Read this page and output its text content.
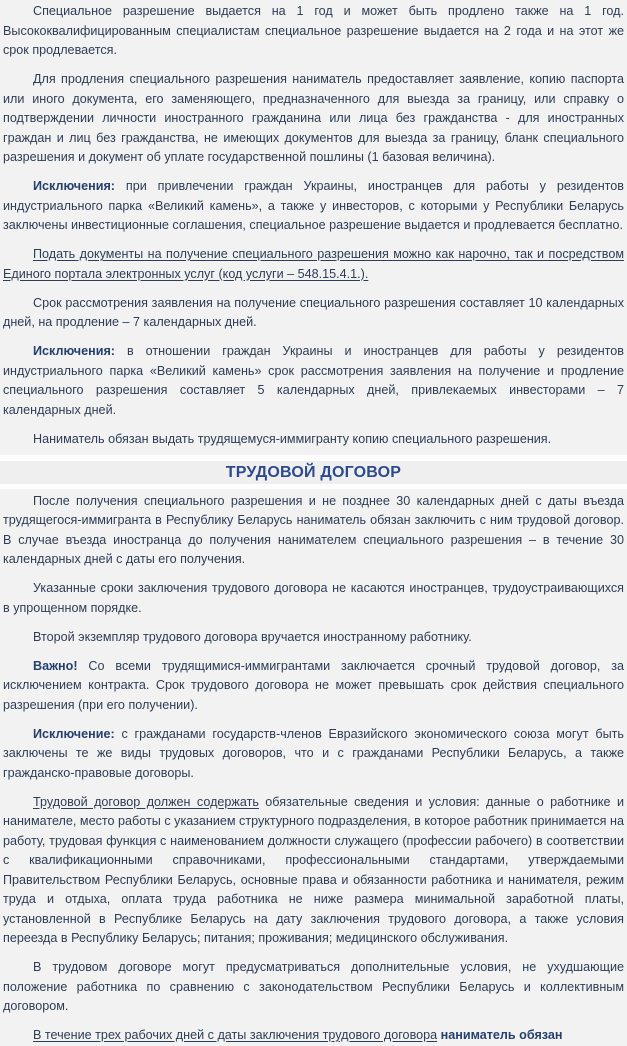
Специальное разрешение выдается на 1 год и может быть продлено также на 1 год. Высококвалифицированным специалистам специальное разрешение выдается на 2 года и на этот же срок продлевается.

Для продления специального разрешения наниматель предоставляет заявление, копию паспорта или иного документа, его заменяющего, предназначенного для выезда за границу, или справку о подтверждении личности иностранного гражданина или лица без гражданства - для иностранных граждан и лиц без гражданства, не имеющих документов для выезда за границу, бланк специального разрешения и документ об уплате государственной пошлины (1 базовая величина).

Исключения: при привлечении граждан Украины, иностранцев для работы у резидентов индустриального парка «Великий камень», а также у инвесторов, с которыми у Республики Беларусь заключены инвестиционные соглашения, специальное разрешение выдается и продлевается бесплатно.

Подать документы на получение специального разрешения можно как нарочно, так и посредством Единого портала электронных услуг (код услуги – 548.15.4.1.).

Срок рассмотрения заявления на получение специального разрешения составляет 10 календарных дней, на продление – 7 календарных дней.

Исключения: в отношении граждан Украины и иностранцев для работы у резидентов индустриального парка «Великий камень» срок рассмотрения заявления на получение и продление специального разрешения составляет 5 календарных дней, привлекаемых инвесторами – 7 календарных дней.

Наниматель обязан выдать трудящемуся-иммигранту копию специального разрешения.

ТРУДОВОЙ ДОГОВОР

После получения специального разрешения и не позднее 30 календарных дней с даты въезда трудящегося-иммигранта в Республику Беларусь наниматель обязан заключить с ним трудовой договор. В случае въезда иностранца до получения нанимателем специального разрешения – в течение 30 календарных дней с даты его получения.

Указанные сроки заключения трудового договора не касаются иностранцев, трудоустраивающихся в упрощенном порядке.

Второй экземпляр трудового договора вручается иностранному работнику.

Важно! Со всеми трудящимися-иммигрантами заключается срочный трудовой договор, за исключением контракта. Срок трудового договора не может превышать срок действия специального разрешения (при его получении).

Исключение: с гражданами государств-членов Евразийского экономического союза могут быть заключены те же виды трудовых договоров, что и с гражданами Республики Беларусь, а также гражданско-правовые договоры.

Трудовой договор должен содержать обязательные сведения и условия: данные о работнике и нанимателе, место работы с указанием структурного подразделения, в которое работник принимается на работу, трудовая функция с наименованием должности служащего (профессии рабочего) в соответствии с квалификационными справочниками, профессиональными стандартами, утверждаемыми Правительством Республики Беларусь, основные права и обязанности работника и нанимателя, режим труда и отдыха, оплата труда работника не ниже размера минимальной заработной платы, установленной в Республике Беларусь на дату заключения трудового договора, а также условия переезда в Республику Беларусь; питания; проживания; медицинского обслуживания.

В трудовом договоре могут предусматриваться дополнительные условия, не ухудшающие положение работника по сравнению с законодательством Республики Беларусь и коллективным договором.

В течение трех рабочих дней с даты заключения трудового договора наниматель обязан
